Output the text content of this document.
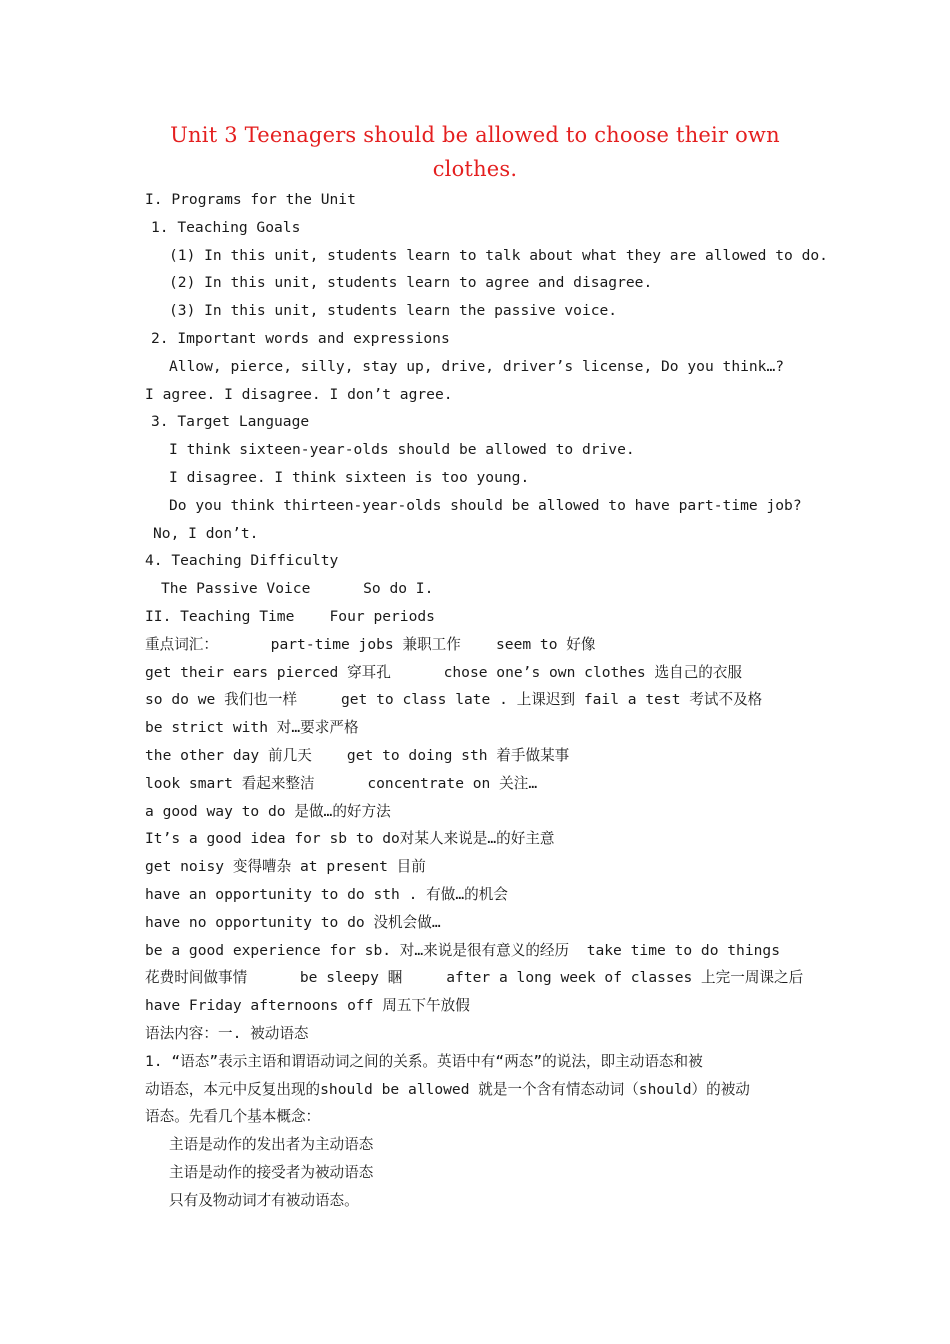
Unit 3 Teenagers should be allowed to choose their own clothes.
I. Programs for the Unit
1. Teaching Goals
(1) In this unit, students learn to talk about what they are allowed to do.
(2) In this unit, students learn to agree and disagree.
(3) In this unit, students learn the passive voice.
2. Important words and expressions
Allow, pierce, silly, stay up, drive, driver’s license, Do you think…?
I agree. I disagree. I don’t agree.
3. Target Language
I think sixteen-year-olds should be allowed to drive.
I disagree. I think sixteen is too young.
Do you think thirteen-year-olds should be allowed to have part-time job?
No, I don’t.
4. Teaching Difficulty
The Passive Voice      So do I.
II. Teaching Time    Four periods
重点词汇：      part-time jobs 兼职工作    seem to 好像
get their ears pierced 穿耳孔      chose one’s own clothes 选自己的衣服
so do we 我们也一样     get to class late . 上课迟到 fail a test 考试不及格
be strict with 对…要求严格
the other day 前几天    get to doing sth 着手做某事
look smart 看起来整洁      concentrate on 关注…
a good way to do 是做…的好方法
It’s a good idea for sb to do对某人来说是…的好主意
get noisy 变得嘈杂 at present 目前
have an opportunity to do sth . 有做…的机会
have no opportunity to do 没机会做…
be a good experience for sb. 对…来说是很有意义的经历  take time to do things
花费时间做事情      be sleepy 睏     after a long week of classes 上完一周课之后
have Friday afternoons off 周五下午放假
语法内容：一. 被动语态
1. “语态”表示主语和谓语动词之间的关系。英语中有“两态”的说法，即主动语态和被
动语态，本元中反复出现的should be allowed 就是一个含有情态动词（should）的被动
语态。先看几个基本概念：
主语是动作的发出者为主动语态
主语是动作的接受者为被动语态
只有及物动词才有被动语态。
